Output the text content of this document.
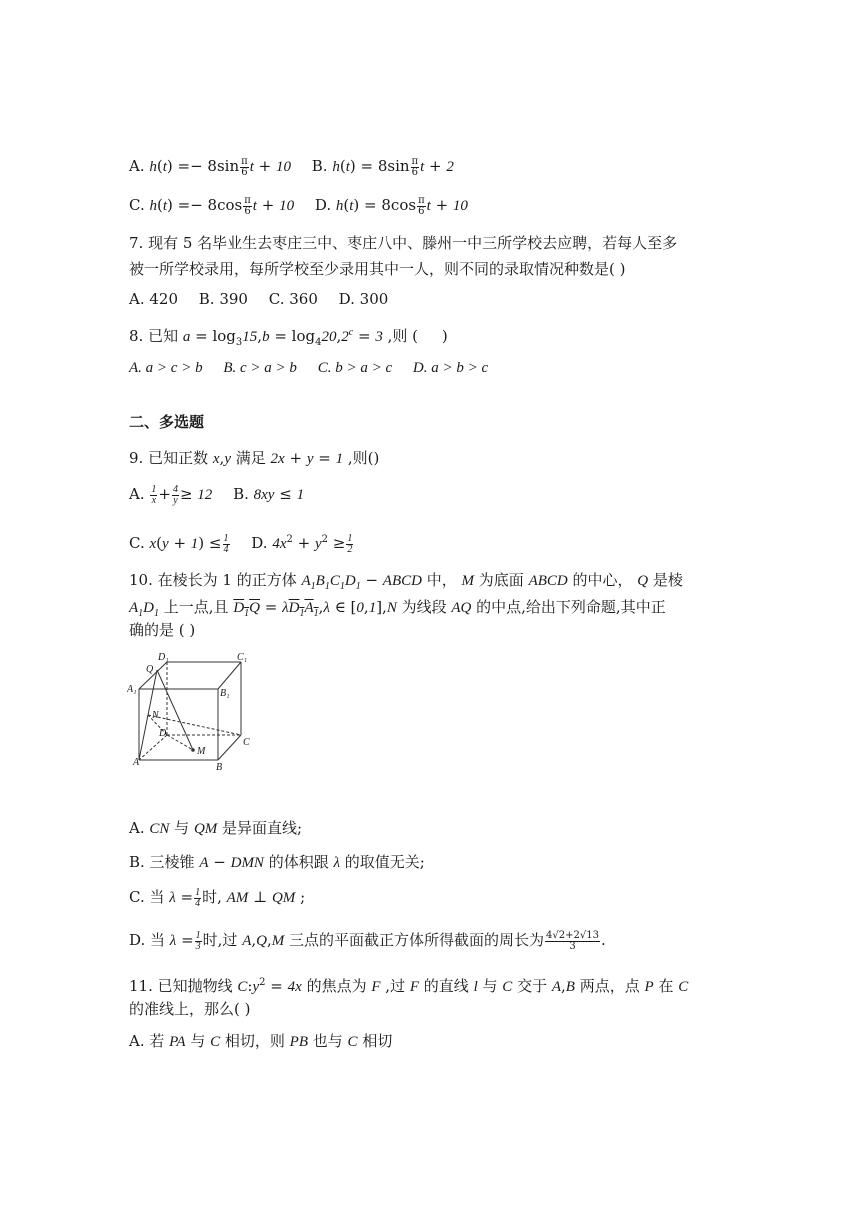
A. $h(t) =- 8\sin \frac{\pi}{6}$ t + 10 B. $h(t) = 8\sin \frac{\pi}{6}$ t + 2
C. $h(t) =- 8\cos \frac{\pi}{6}$ t + 10 D. $h(t) = 8\cos \frac{\pi}{6}$ t + 10
7. 现有 5 名毕业生去枣庄三中、枣庄八中、滕州一中三所学校去应聘，若每人至多
被一所学校录用，每所学校至少录用其中一人，则不同的录取情况种数是( )
A. 420 B. 390 C. 360 D. 300
8. 已知 $a = \log_315,b = \log_420,2^c = 3$ ,则 (     )
A. a > c > b B. c > a > b C. b > a > c D. a > b > c
二、多选题
9. 已知正数 x,y 满足 2x + y = 1 ,则()
A. $\frac{1}{x} + \frac{4}{y} \ge 12$ B. 8xy ≤ 1
C. $x(y + 1) \le \frac{1}{4} D$. $4x^2 + y^2 \ge \frac{1}{2}$
10. 在棱长为 1 的正方体 $A_1B_1C_1D_1$ − ABCD 中， M 为底面 ABCD 的中心， Q 是棱
$A_1D_1$ 上一点,且 $D_1Q = \lambda D_1A_1,\lambda$ ∈ [0,1],N 为线段 AQ 的中点,给出下列命题,其中正
确的是 ( )
Q
D₁	C₁
A₁	B₁
N
D
C
M
A	B
A. CN 与 QM 是异面直线;
B. 三棱锥 A − DMN 的体积跟 λ 的取值无关;
C. 当 $\lambda = \frac{1}{4}$ 时, AM ⊥ QM ;
D. 当 $\lambda = \frac{1}{3}$ 时,过 A,Q,M 三点的平面截正方体所得截面的周长为 $\frac{4√2+2√13}{3}$ .
11. 已知抛物线 $C:y^2 = 4x$ 的焦点为 F ,过 F 的直线 l 与 C 交于 A,B 两点，点 P 在 C
的准线上，那么( )
A. 若 PA 与 C 相切，则 PB 也与 C 相切
